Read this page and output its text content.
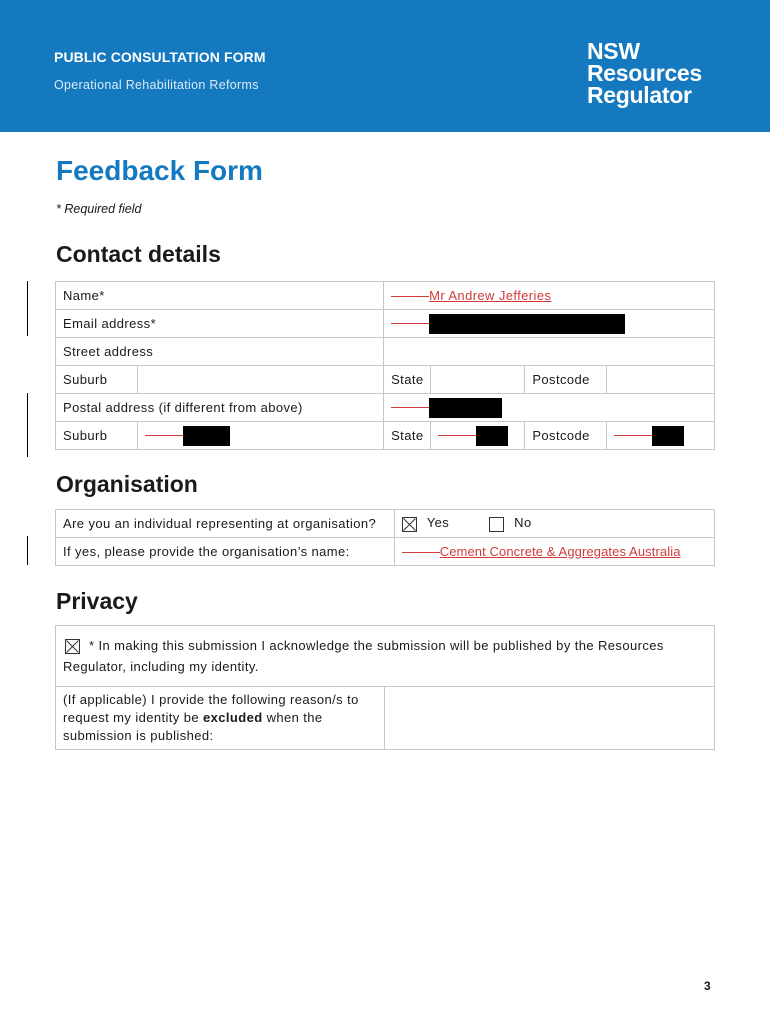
PUBLIC CONSULTATION FORM
Operational Rehabilitation Reforms
NSW
Resources
Regulator
Feedback Form
* Required field
Contact details
Name*		Mr Andrew Jefferies			
Email address*					
Street address					
Suburb		State		Postcode	
Postal address (if different from above)					
Suburb		State		Postcode	
Organisation
Are you an individual representing at organisation?	Yes No
If yes, please provide the organisation’s name:	Cement Concrete & Aggregates Australia
Privacy
* In making this submission I acknowledge the submission will be published by the Resources
Regulator, including my identity.
(If applicable) I provide the following reason/s to
request my identity be excluded when the
submission is published:	
3
